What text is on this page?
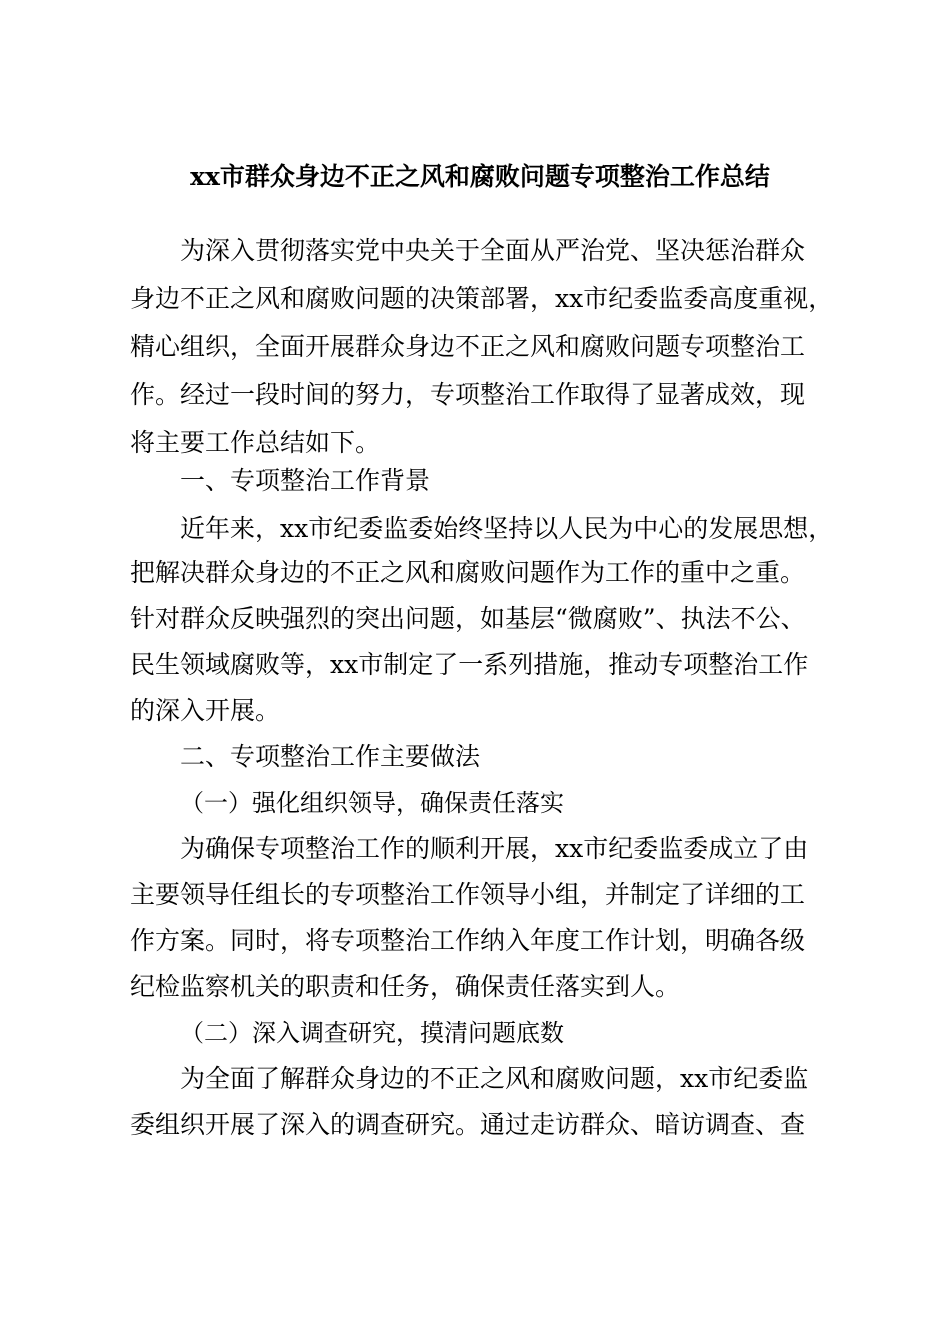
xx市群众身边不正之风和腐败问题专项整治工作总结
为深入贯彻落实党中央关于全面从严治党、坚决惩治群众
身边不正之风和腐败问题的决策部署，xx市纪委监委高度重视，
精心组织，全面开展群众身边不正之风和腐败问题专项整治工
作。经过一段时间的努力，专项整治工作取得了显著成效，现
将主要工作总结如下。
一、专项整治工作背景
近年来，xx市纪委监委始终坚持以人民为中心的发展思想，
把解决群众身边的不正之风和腐败问题作为工作的重中之重。
针对群众反映强烈的突出问题，如基层“微腐败”、执法不公、
民生领域腐败等，xx市制定了一系列措施，推动专项整治工作
的深入开展。
二、专项整治工作主要做法
（一）强化组织领导，确保责任落实
为确保专项整治工作的顺利开展，xx市纪委监委成立了由
主要领导任组长的专项整治工作领导小组，并制定了详细的工
作方案。同时，将专项整治工作纳入年度工作计划，明确各级
纪检监察机关的职责和任务，确保责任落实到人。
（二）深入调查研究，摸清问题底数
为全面了解群众身边的不正之风和腐败问题，xx市纪委监
委组织开展了深入的调查研究。通过走访群众、暗访调查、查
